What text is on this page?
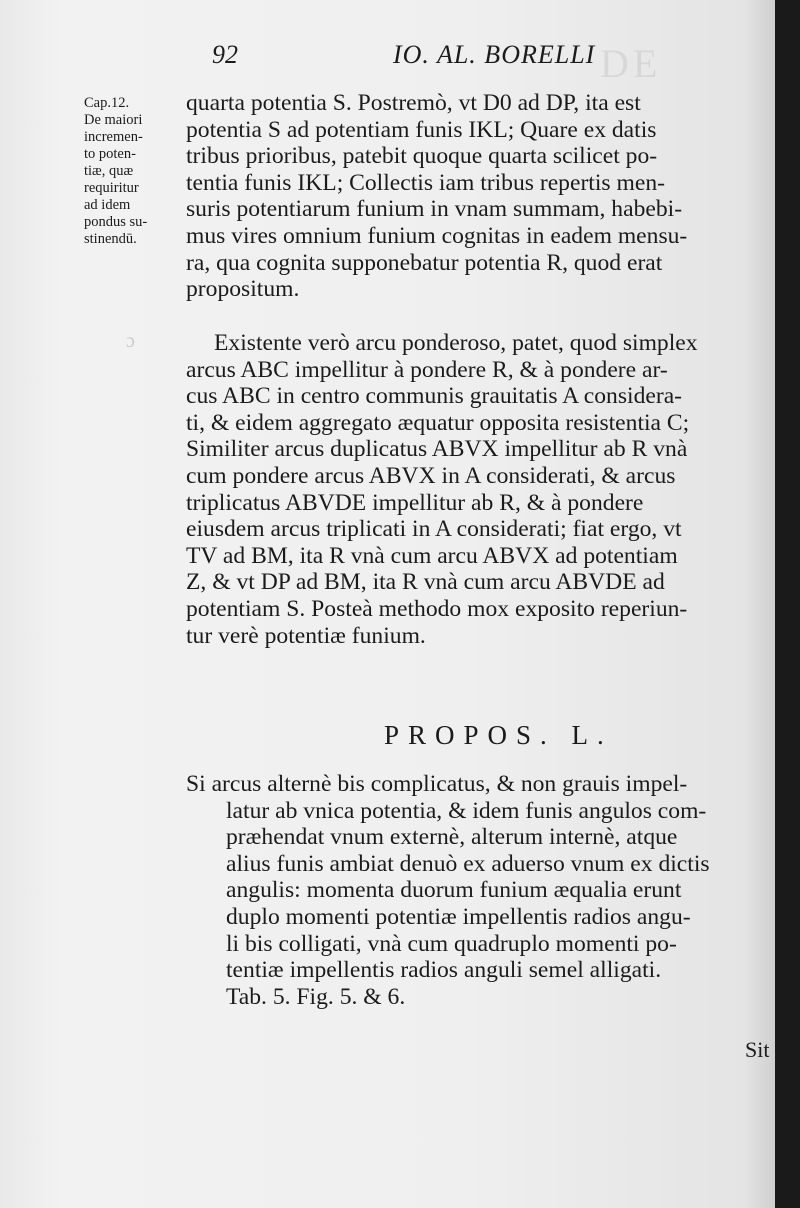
DE
ɔ
92	IO. AL. BORELLI
Cap.12.
De maiori
incremen-
to poten-
tiæ, quæ
requiritur
ad idem
pondus su-
stinendū.
quarta potentia S. Postremò, vt D0 ad DP, ita est
potentia S ad potentiam funis IKL; Quare ex datis
tribus prioribus, patebit quoque quarta scilicet po-
tentia funis IKL; Collectis iam tribus repertis men-
suris potentiarum funium in vnam summam, habebi-
mus vires omnium funium cognitas in eadem mensu-
ra, qua cognita supponebatur potentia R, quod erat
propositum.
Existente verò arcu ponderoso, patet, quod simplex
arcus ABC impellitur à pondere R, & à pondere ar-
cus ABC in centro communis grauitatis A considera-
ti, & eidem aggregato æquatur opposita resistentia C;
Similiter arcus duplicatus ABVX impellitur ab R vnà
cum pondere arcus ABVX in A considerati, & arcus
triplicatus ABVDE impellitur ab R, & à pondere
eiusdem arcus triplicati in A considerati; fiat ergo, vt
TV ad BM, ita R vnà cum arcu ABVX ad potentiam
Z, & vt DP ad BM, ita R vnà cum arcu ABVDE ad
potentiam S. Posteà methodo mox exposito reperiun-
tur verè potentiæ funium.
PROPOS. L.
Si arcus alternè bis complicatus, & non grauis impel-
latur ab vnica potentia, & idem funis angulos com-
præhendat vnum externè, alterum internè, atque
alius funis ambiat denuò ex aduerso vnum ex dictis
angulis: momenta duorum funium æqualia erunt
duplo momenti potentiæ impellentis radios angu-
li bis colligati, vnà cum quadruplo momenti po-
tentiæ impellentis radios anguli semel alligati.
Tab. 5. Fig. 5. & 6.
Sit
